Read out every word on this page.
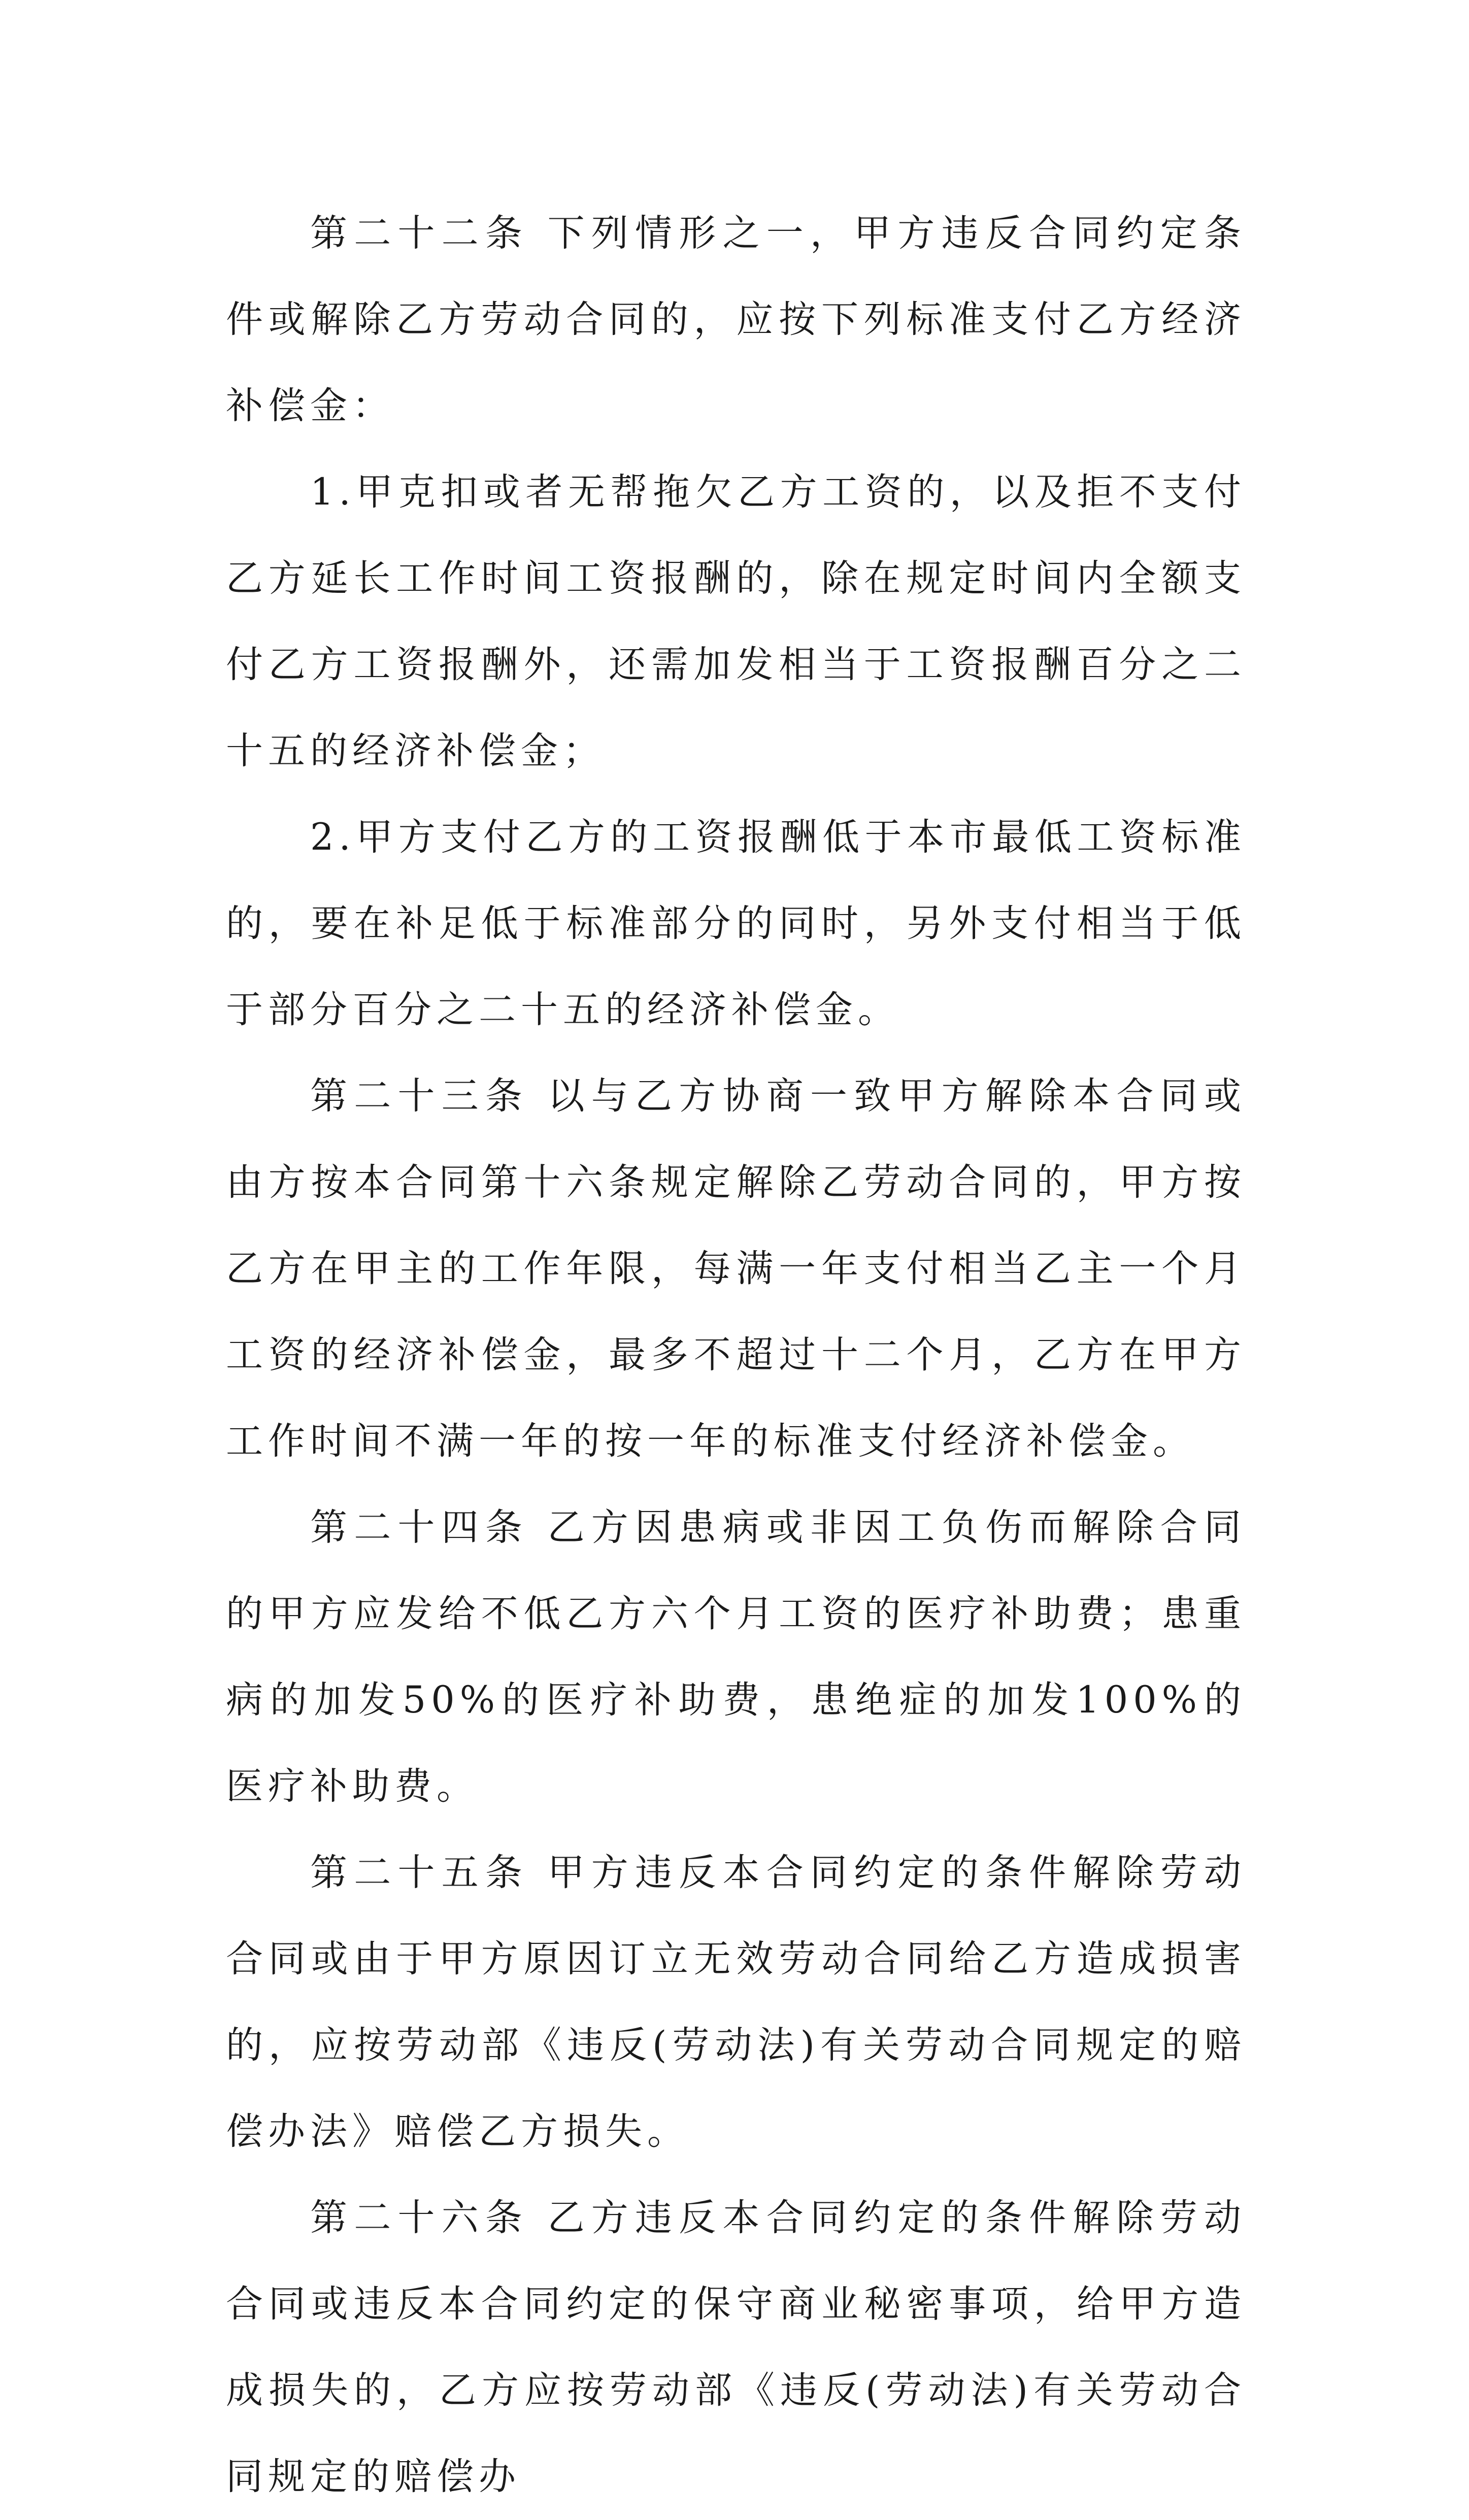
第二十二条 下列情形之一，甲方违反合同约定条件或解除乙方劳动合同的，应按下列标准支付乙方经济补偿金：

1.甲克扣或者无帮拖欠乙方工资的，以及拒不支付乙方延长工作时间工资报酬的，除在规定时间内全额支付乙方工资报酬外，还需加发相当于工资报酬百分之二十五的经济补偿金；

2.甲方支付乙方的工资报酬低于本市最低工资标准的，要在补足低于标准部分的同时，另外支付相当于低于部分百分之二十五的经济补偿金。

第二十三条 以与乙方协商一致甲方解除本合同或由方按本合同第十六条规定解除乙劳动合同的，甲方按乙方在甲主的工作年限，每满一年支付相当乙主一个月工资的经济补偿金，最多不超过十二个月，乙方在甲方工作时间不满一年的按一年的标准支付经济补偿金。

第二十四条 乙方因患病或非因工负伤而解除合同的甲方应发给不低乙方六个月工资的医疗补助费；患重病的加发50%的医疗补助费，患绝症的加发100%的医疗补助费。

第二十五条 甲方违反本合同约定的条件解除劳动合同或由于甲方原因订立无效劳动合同给乙方造成损害的，应按劳动部《违反(劳动法)有关劳动合同规定的赔偿办法》赔偿乙方损失。

第二十六条 乙方违反本合同约定的条件解除劳动合同或违反本合同约定的保守商业秘密事项，给甲方造成损失的，乙方应按劳动部《违反(劳动法)有关劳动合同规定的赔偿办
